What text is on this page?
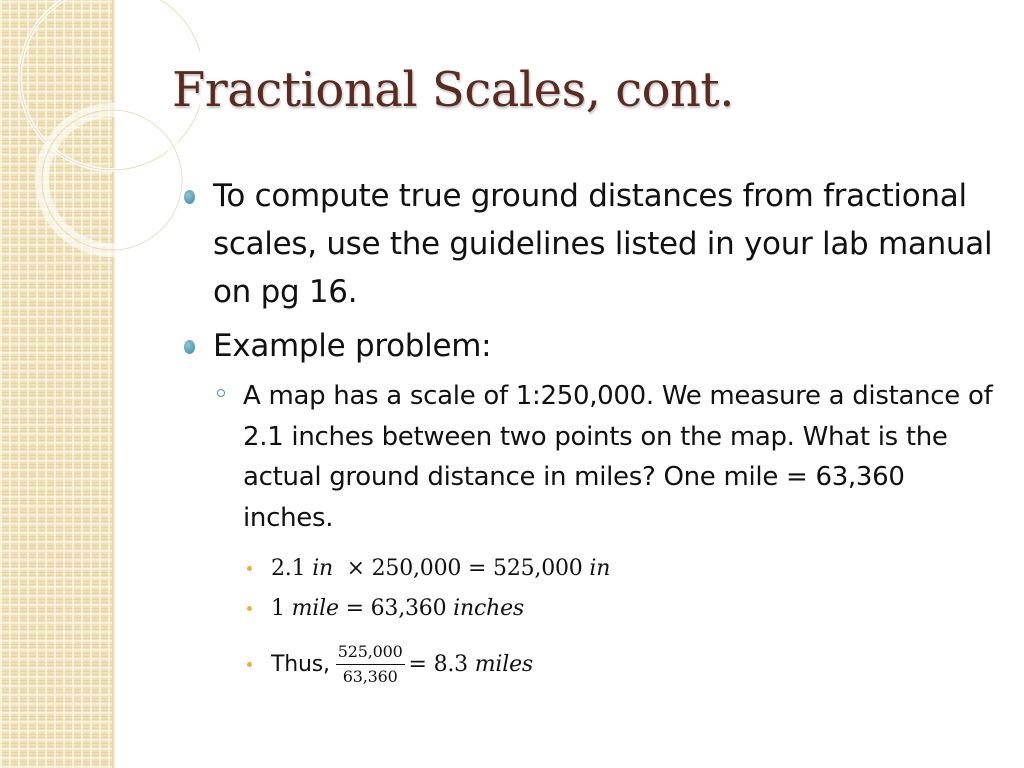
Fractional Scales, cont.
To compute true ground distances from fractional scales, use the guidelines listed in your lab manual on pg 16.
Example problem:
A map has a scale of 1:250,000. We measure a distance of 2.1 inches between two points on the map. What is the actual ground distance in miles? One mile = 63,360 inches.
2.1 in × 250,000 = 525,000 in
1 mile = 63,360 inches
Thus, $\frac{525,000}{63,360} = 8.3$ miles
